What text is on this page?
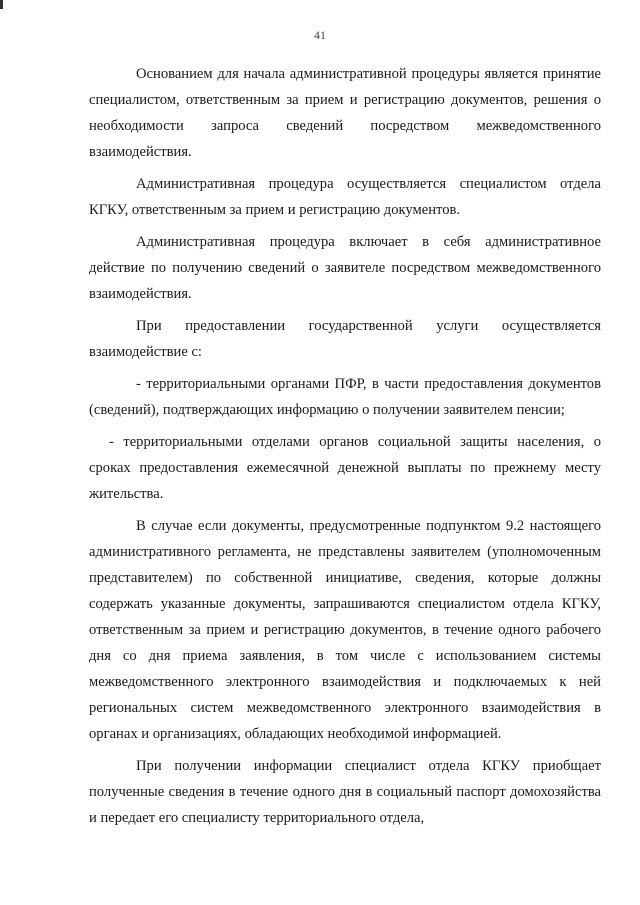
41

Основанием для начала административной процедуры является принятие специалистом, ответственным за прием и регистрацию документов, решения о необходимости запроса сведений посредством межведомственного взаимодействия.

Административная процедура осуществляется специалистом отдела КГКУ, ответственным за прием и регистрацию документов.

Административная процедура включает в себя административное действие по получению сведений о заявителе посредством межведомственного взаимодействия.

При предоставлении государственной услуги осуществляется взаимодействие с:

- территориальными органами ПФР, в части предоставления документов (сведений), подтверждающих информацию о получении заявителем пенсии;

- территориальными отделами органов социальной защиты населения, о сроках предоставления ежемесячной денежной выплаты по прежнему месту жительства.

В случае если документы, предусмотренные подпунктом 9.2 настоящего административного регламента, не представлены заявителем (уполномоченным представителем) по собственной инициативе, сведения, которые должны содержать указанные документы, запрашиваются специалистом отдела КГКУ, ответственным за прием и регистрацию документов, в течение одного рабочего дня со дня приема заявления, в том числе с использованием системы межведомственного электронного взаимодействия и подключаемых к ней региональных систем межведомственного электронного взаимодействия в органах и организациях, обладающих необходимой информацией.

При получении информации специалист отдела КГКУ приобщает полученные сведения в течение одного дня в социальный паспорт домохозяйства и передает его специалисту территориального отдела,
